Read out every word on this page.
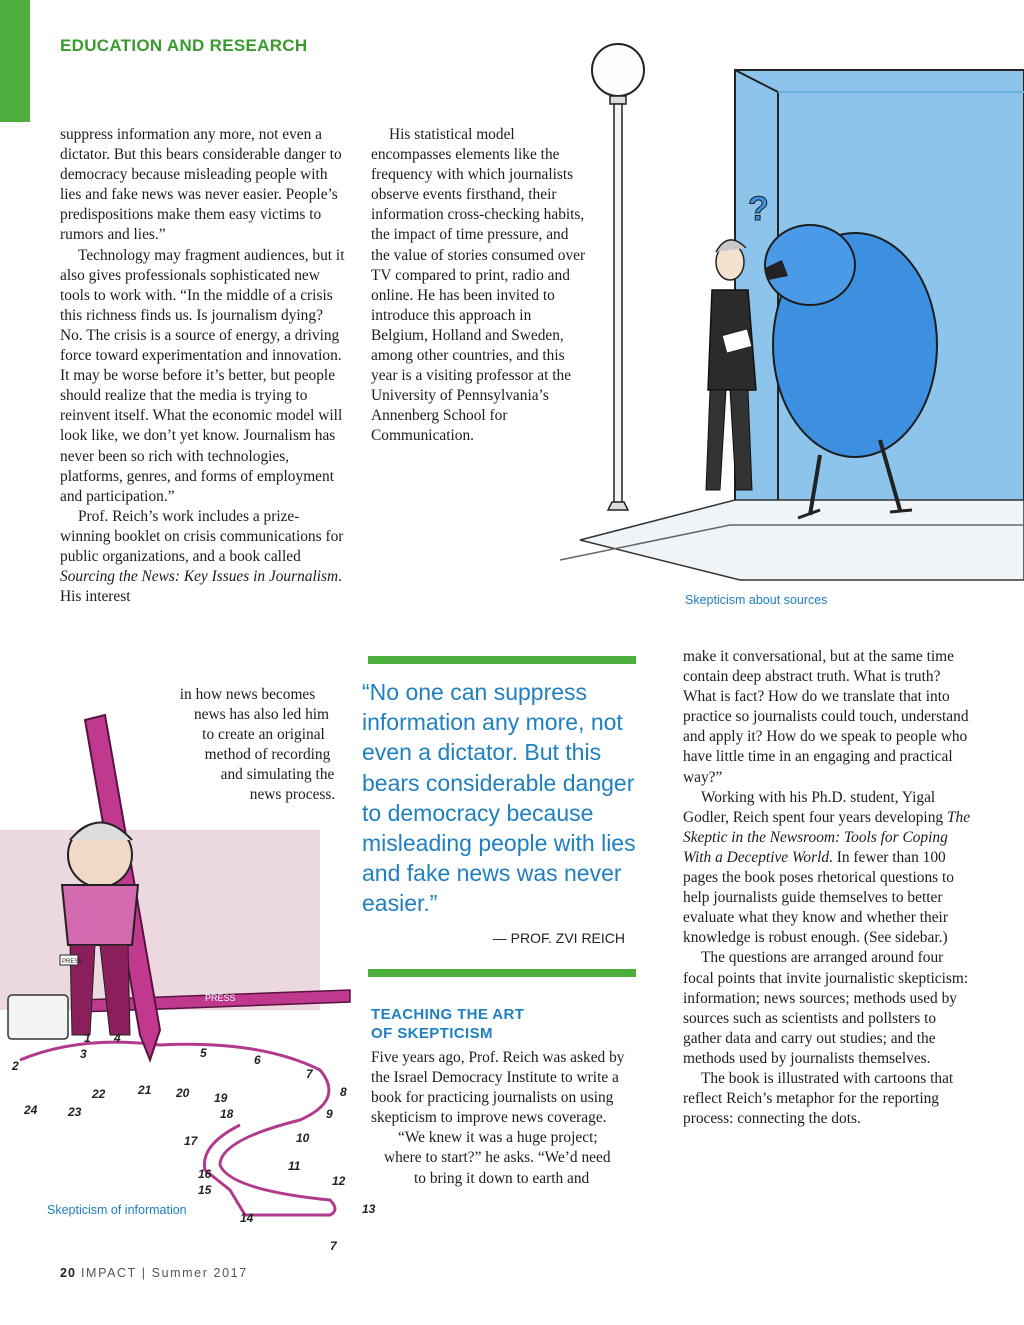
EDUCATION AND RESEARCH

suppress information any more, not even a dictator. But this bears considerable danger to democracy because misleading people with lies and fake news was never easier. People’s predispositions make them easy victims to rumors and lies.”

Technology may fragment audiences, but it also gives professionals sophisticated new tools to work with. “In the middle of a crisis this richness finds us. Is journalism dying? No. The crisis is a source of energy, a driving force toward experimentation and innovation. It may be worse before it’s better, but people should realize that the media is trying to reinvent itself. What the economic model will look like, we don’t yet know. Journalism has never been so rich with technologies, platforms, genres, and forms of employment and participation.”

Prof. Reich’s work includes a prize-winning booklet on crisis communications for public organizations, and a book called Sourcing the News: Key Issues in Journalism. His interest

in how news becomes
news has also led him
to create an original
method of recording
and simulating the
news process.

His statistical model encompasses elements like the frequency with which journalists observe events firsthand, their information cross-checking habits, the impact of time pressure, and the value of stories consumed over TV compared to print, radio and online. He has been invited to introduce this approach in Belgium, Holland and Sweden, among other countries, and this year is a visiting professor at the University of Pennsylvania’s Annenberg School for Communication.

“No one can suppress information any more, not even a dictator. But this bears considerable danger to democracy because misleading people with lies and fake news was never easier.”
— PROF. ZVI REICH
TEACHING THE ART
OF SKEPTICISM

Five years ago, Prof. Reich was asked by the Israel Democracy Institute to write a book for practicing journalists on using skepticism to improve news coverage.

“We knew it was a huge project;
where to start?” he asks. “We’d need
to bring it down to earth and

make it conversational, but at the same time contain deep abstract truth. What is truth? What is fact? How do we translate that into practice so journalists could touch, understand and apply it? How do we speak to people who have little time in an engaging and practical way?”

Working with his Ph.D. student, Yigal Godler, Reich spent four years developing The Skeptic in the Newsroom: Tools for Coping With a Deceptive World. In fewer than 100 pages the book poses rhetorical questions to help journalists guide themselves to better evaluate what they know and whether their knowledge is robust enough. (See sidebar.)

The questions are arranged around four focal points that invite journalistic skepticism: information; news sources; methods used by sources such as scientists and pollsters to gather data and carry out studies; and the methods used by journalists themselves.

The book is illustrated with cartoons that reflect Reich’s metaphor for the reporting process: connecting the dots.

?
Skepticism about sources
PRESS
PRESS
2
3
4
5	6
7
8
9
10
11
12
13
14
15
16
17
18
19
20
21
22
23
24
1
7
Skepticism of information
20 IMPACT | Summer 2017
